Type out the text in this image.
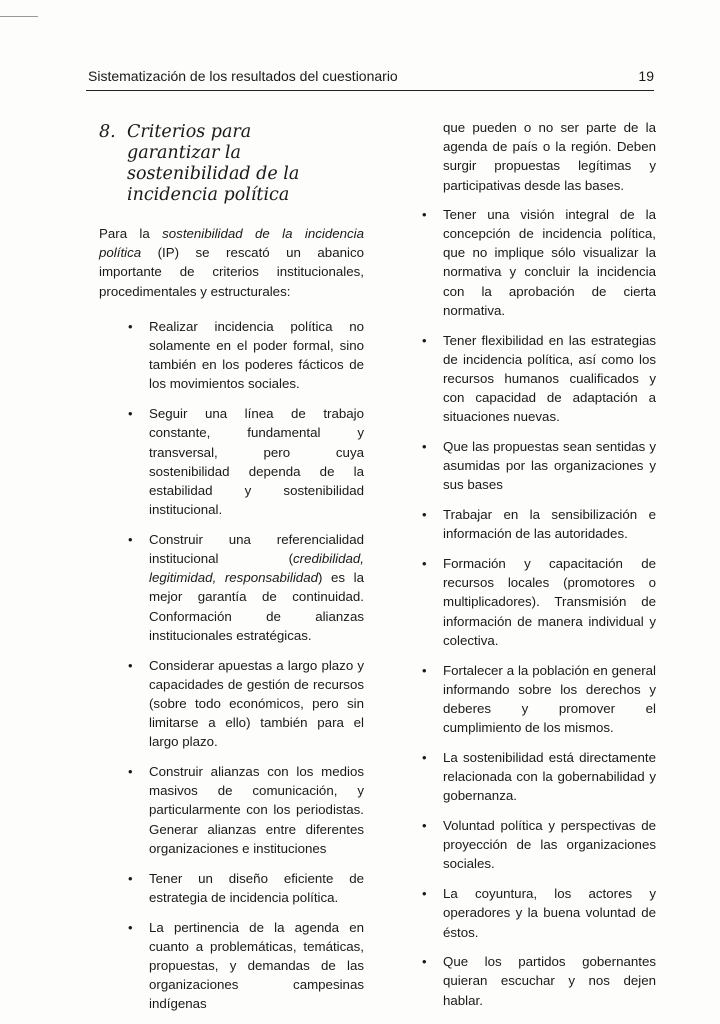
Sistematización de los resultados del cuestionario	19
8. Criterios para garantizar la sostenibilidad de la incidencia política

Para la sostenibilidad de la incidencia política (IP) se rescató un abanico importante de criterios institucionales, procedimentales y estructurales:

• Realizar incidencia política no solamente en el poder formal, sino también en los poderes fácticos de los movimientos sociales.
• Seguir una línea de trabajo constante, fundamental y transversal, pero cuya sostenibilidad dependa de la estabilidad y sostenibilidad institucional.
• Construir una referencialidad institucional (credibilidad, legitimidad, responsabilidad) es la mejor garantía de continuidad. Conformación de alianzas institucionales estratégicas.
• Considerar apuestas a largo plazo y capacidades de gestión de recursos (sobre todo económicos, pero sin limitarse a ello) también para el largo plazo.
• Construir alianzas con los medios masivos de comunicación, y particularmente con los periodistas. Generar alianzas entre diferentes organizaciones e instituciones
• Tener un diseño eficiente de estrategia de incidencia política.
• La pertinencia de la agenda en cuanto a problemáticas, temáticas, propuestas, y demandas de las organizaciones campesinas indígenas

que pueden o no ser parte de la agenda de país o la región. Deben surgir propuestas legítimas y participativas desde las bases.

• Tener una visión integral de la concepción de incidencia política, que no implique sólo visualizar la normativa y concluir la incidencia con la aprobación de cierta normativa.
• Tener flexibilidad en las estrategias de incidencia política, así como los recursos humanos cualificados y con capacidad de adaptación a situaciones nuevas.
• Que las propuestas sean sentidas y asumidas por las organizaciones y sus bases
• Trabajar en la sensibilización e información de las autoridades.
• Formación y capacitación de recursos locales (promotores o multiplicadores). Transmisión de información de manera individual y colectiva.
• Fortalecer a la población en general informando sobre los derechos y deberes y promover el cumplimiento de los mismos.
• La sostenibilidad está directamente relacionada con la gobernabilidad y gobernanza.
• Voluntad política y perspectivas de proyección de las organizaciones sociales.
• La coyuntura, los actores y operadores y la buena voluntad de éstos.
• Que los partidos gobernantes quieran escuchar y nos dejen hablar.
